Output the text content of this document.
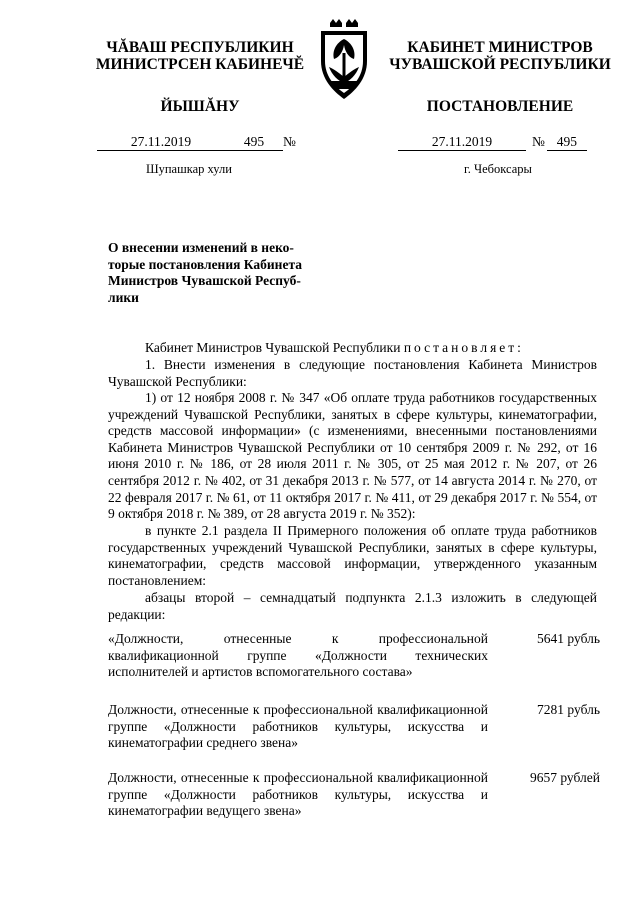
ЧĂВАШ РЕСПУБЛИКИН
МИНИСТРСЕН КАБИНЕЧĔ
ЙЫШĂНУ
КАБИНЕТ МИНИСТРОВ
ЧУВАШСКОЙ РЕСПУБЛИКИ
ПОСТАНОВЛЕНИЕ
27.11.2019	495 №	27.11.2019	№ 495
Шупашкар хули	г. Чебоксары
О внесении изменений в неко-
торые постановления Кабинета
Министров Чувашской Респуб-
лики
Кабинет Министров Чувашской Республики постановляет:
1. Внести изменения в следующие постановления Кабинета Министров Чувашской Республики:
1) от 12 ноября 2008 г. № 347 «Об оплате труда работников государственных учреждений Чувашской Республики, занятых в сфере культуры, кинематографии, средств массовой информации» (с изменениями, внесенными постановлениями Кабинета Министров Чувашской Республики от 10 сентября 2009 г. № 292, от 16 июня 2010 г. № 186, от 28 июля 2011 г. № 305, от 25 мая 2012 г. № 207, от 26 сентября 2012 г. № 402, от 31 декабря 2013 г. № 577, от 14 августа 2014 г. № 270, от 22 февраля 2017 г. № 61, от 11 октября 2017 г. № 411, от 29 декабря 2017 г. № 554, от 9 октября 2018 г. № 389, от 28 августа 2019 г. № 352):
в пункте 2.1 раздела II Примерного положения об оплате труда работников государственных учреждений Чувашской Республики, занятых в сфере культуры, кинематографии, средств массовой информации, утвержденного указанным постановлением:
абзацы второй – семнадцатый подпункта 2.1.3 изложить в следующей редакции:
«Должности, отнесенные к профессиональной квалификационной группе «Должности технических исполнителей и артистов вспомогательного состава»
5641 рубль
Должности, отнесенные к профессиональной квалификационной группе «Должности работников культуры, искусства и кинематографии среднего звена»
7281 рубль
Должности, отнесенные к профессиональной квалификационной группе «Должности работников культуры, искусства и кинематографии ведущего звена»
9657 рублей
